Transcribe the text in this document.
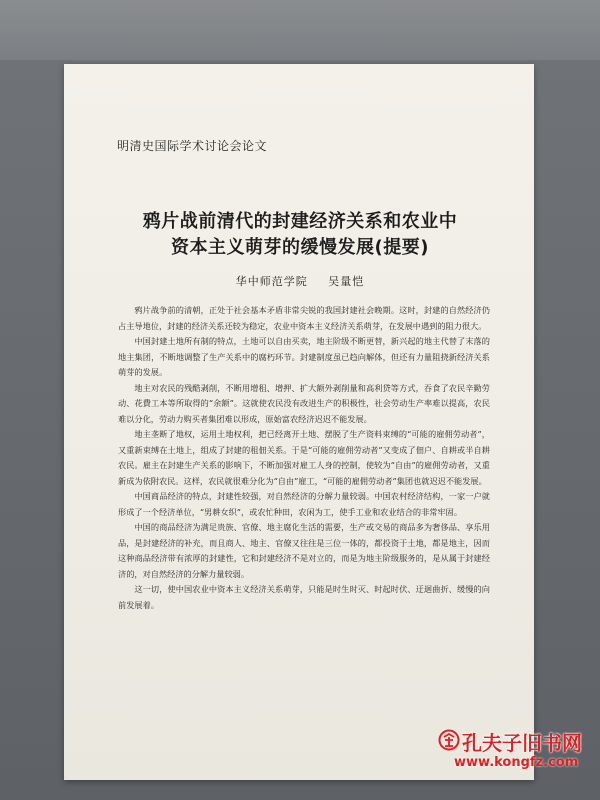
明清史国际学术讨论会论文
鸦片战前清代的封建经济关系和农业中
资本主义萌芽的缓慢发展(提要)
华中师范学院 吴量恺

鸦片战争前的清朝，正处于社会基本矛盾非常尖锐的我国封建社会晚期。这时，封建的自然经济仍占主导地位，封建的经济关系还较为稳定，农业中资本主义经济关系萌芽，在发展中遇到的阻力很大。

中国封建土地所有制的特点，土地可以自由买卖，地主阶级不断更替，新兴起的地主代替了末落的地主集团，不断地调整了生产关系中的腐朽环节。封建制度虽已趋向解体，但还有力量阻挠新经济关系萌芽的发展。

地主对农民的残酷剥削，不断用增租、增押、扩大额外剥削量和高利贷等方式，吞食了农民辛勤劳动、花費工本等所取得的“余额”。这就使农民没有改进生产的积极性，社会劳动生产率难以提高，农民难以分化，劳动力购买者集团难以形成，原始富农经济迟迟不能发展。

地主垄断了地权，运用土地权利，把已经离开土地、摆脱了生产资料束缚的“可能的雇佣劳动者”，又重新束缚在土地上，组成了封建的租佃关系。于是“可能的雇佣劳动者”又变成了佃户、自耕或半自耕农民。雇主在封建生产关系的影响下，不断加强对雇工人身的控制，使较为“自由”的雇佣劳动者，又重新成为依附农民。这样，农民就很难分化为“自由”雇工，“可能的雇佣劳动者”集团也就迟迟不能发展。

中国商品经济的特点，封建性较强，对自然经济的分解力量较弱。中国农村经济结构，一家一户就形成了一个经济单位，“男耕女织”，或农忙种田，农闲为工，使手工业和农业结合的非常牢固。

中国的商品经济为满足贵族、官僚、地主腐化生活的需要，生产或交易的商品多为奢侈品、享乐用品，是封建经济的补充，而且商人、地主、官僚又往往是三位一体的，都投资于土地，都是地主，因而这种商品经济带有浓厚的封建性，它和封建经济不是对立的，而是为地主阶级服务的，是从属于封建经济的，对自然经济的分解力量较弱。

这一切，使中国农业中资本主义经济关系萌芽，只能是时生时灭、时起时伏、迂迴曲折、缓慢的向前发展着。

孔夫子旧书网
www.kongfz.com
